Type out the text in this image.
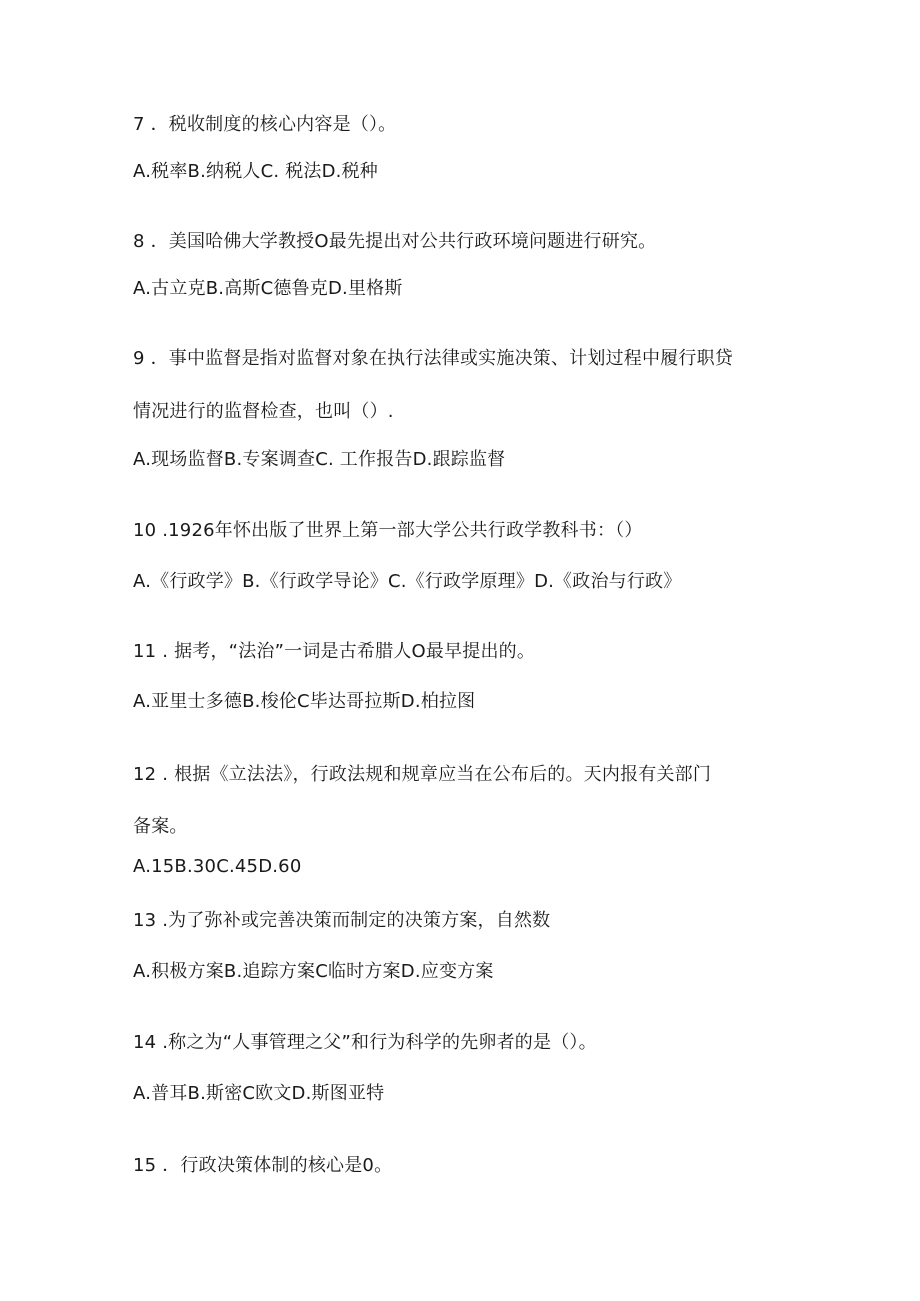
7 ．税收制度的核心内容是（）。
A.税率B.纳税人C. 税法D.税种
8 ．美国哈佛大学教授O最先提出对公共行政环境问题进行研究。
A.古立克B.高斯C德鲁克D.里格斯
9 ．事中监督是指对监督对象在执行法律或实施决策、计划过程中履行职贷
情况进行的监督检查，也叫（）.
A.现场监督B.专案调查C. 工作报告D.跟踪监督
10 .1926年怀出版了世界上第一部大学公共行政学教科书：（）
A.《行政学》B.《行政学导论》C.《行政学原理》D.《政治与行政》
11 . 据考，“法治”一词是古希腊人O最早提出的。
A.亚里士多德B.梭伦C毕达哥拉斯D.柏拉图
12 . 根据《立法法》，行政法规和规章应当在公布后的。天内报有关部门
备案。
A.15B.30C.45D.60
13 .为了弥补或完善决策而制定的决策方案，自然数
A.积极方案B.追踪方案C临时方案D.应变方案
14 .称之为“人事管理之父”和行为科学的先卵者的是（）。
A.普耳B.斯密C欧文D.斯图亚特
15 ．行政决策体制的核心是0。
